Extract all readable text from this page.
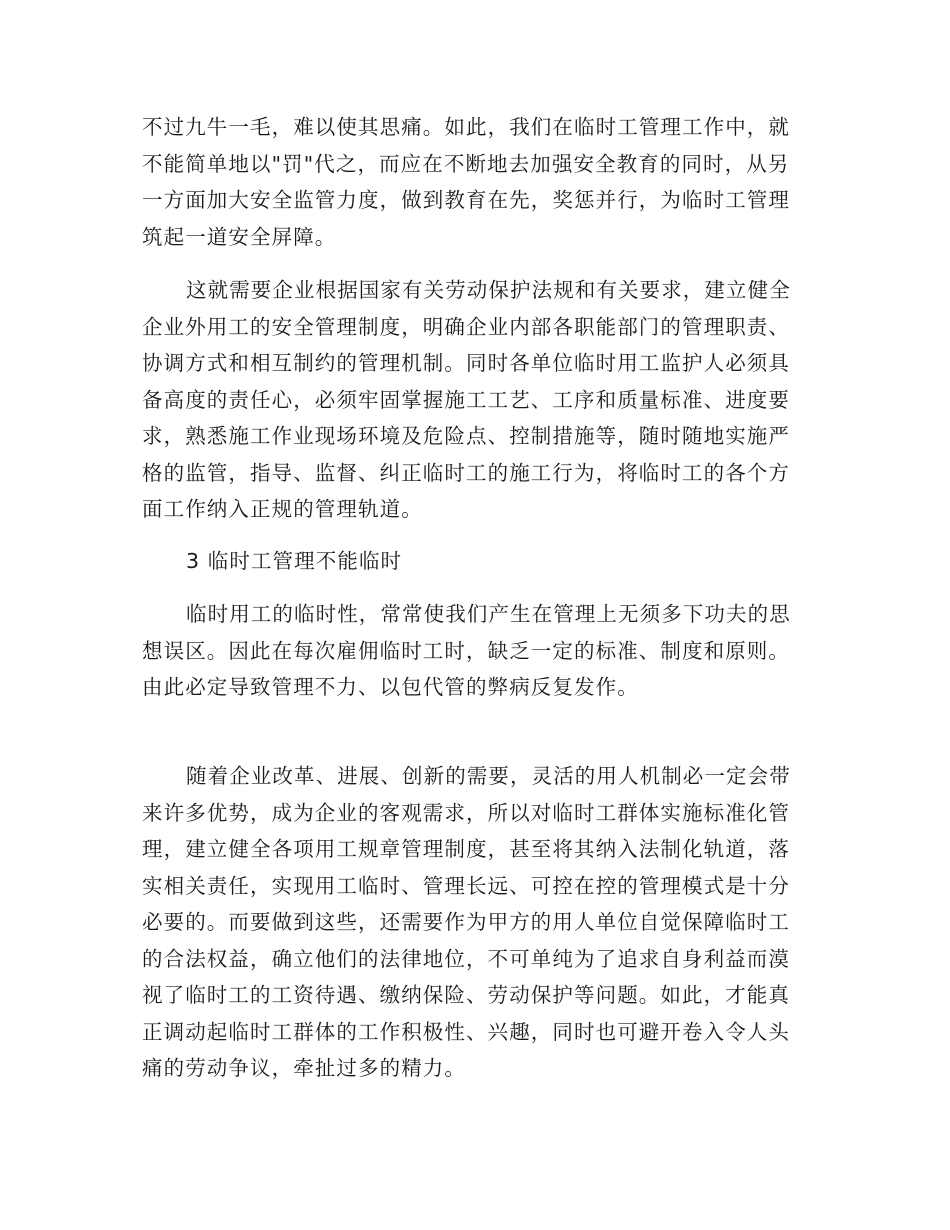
不过九牛一毛，难以使其思痛。如此，我们在临时工管理工作中，就
不能简单地以"罚"代之，而应在不断地去加强安全教育的同时，从另
一方面加大安全监管力度，做到教育在先，奖惩并行，为临时工管理
筑起一道安全屏障。
这就需要企业根据国家有关劳动保护法规和有关要求，建立健全
企业外用工的安全管理制度，明确企业内部各职能部门的管理职责、
协调方式和相互制约的管理机制。同时各单位临时用工监护人必须具
备高度的责任心，必须牢固掌握施工工艺、工序和质量标准、进度要
求，熟悉施工作业现场环境及危险点、控制措施等，随时随地实施严
格的监管，指导、监督、纠正临时工的施工行为，将临时工的各个方
面工作纳入正规的管理轨道。
3 临时工管理不能临时
临时用工的临时性，常常使我们产生在管理上无须多下功夫的思
想误区。因此在每次雇佣临时工时，缺乏一定的标准、制度和原则。
由此必定导致管理不力、以包代管的弊病反复发作。
随着企业改革、进展、创新的需要，灵活的用人机制必一定会带
来许多优势，成为企业的客观需求，所以对临时工群体实施标准化管
理，建立健全各项用工规章管理制度，甚至将其纳入法制化轨道，落
实相关责任，实现用工临时、管理长远、可控在控的管理模式是十分
必要的。而要做到这些，还需要作为甲方的用人单位自觉保障临时工
的合法权益，确立他们的法律地位，不可单纯为了追求自身利益而漠
视了临时工的工资待遇、缴纳保险、劳动保护等问题。如此，才能真
正调动起临时工群体的工作积极性、兴趣，同时也可避开卷入令人头
痛的劳动争议，牵扯过多的精力。
